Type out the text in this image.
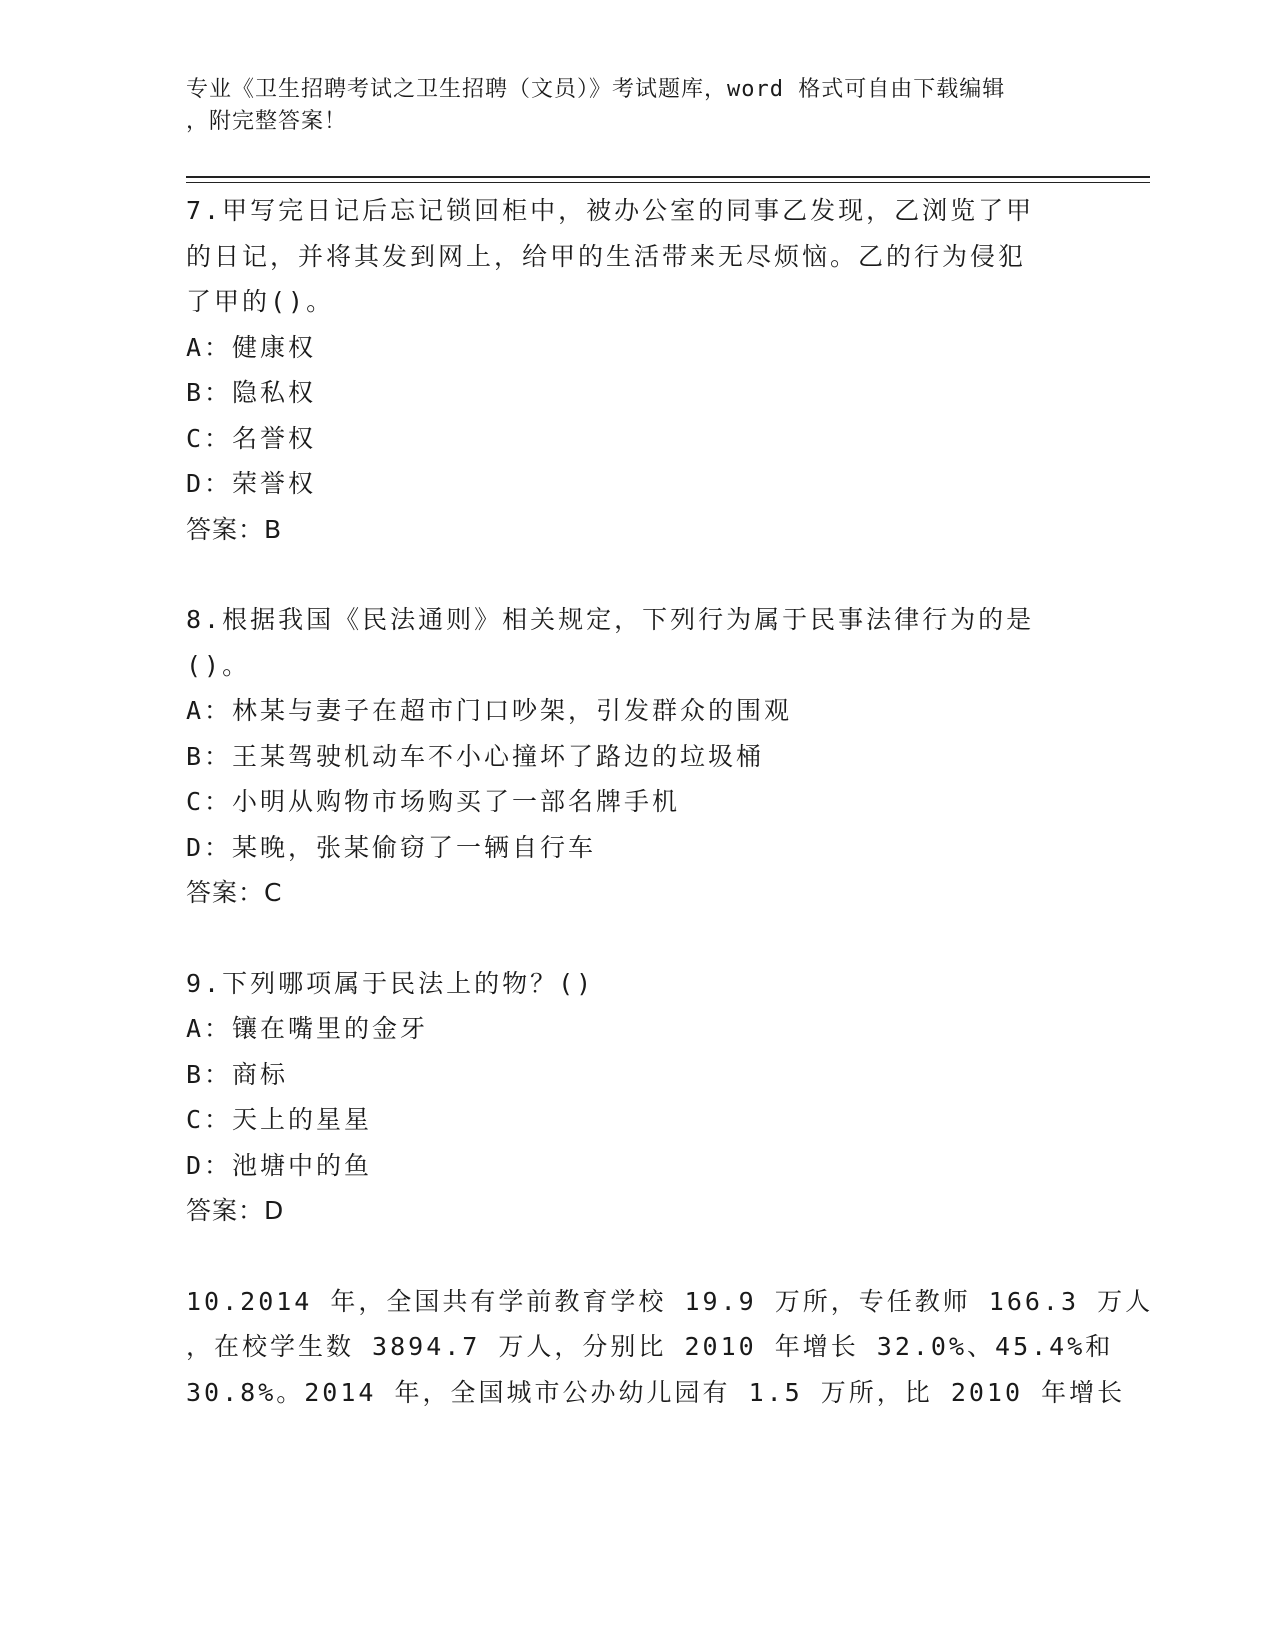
专业《卫生招聘考试之卫生招聘（文员）》考试题库，word 格式可自由下载编辑
，附完整答案！
7.甲写完日记后忘记锁回柜中，被办公室的同事乙发现，乙浏览了甲
的日记，并将其发到网上，给甲的生活带来无尽烦恼。乙的行为侵犯
了甲的()。
A：健康权
B：隐私权
C：名誉权
D：荣誉权
答案：B
8.根据我国《民法通则》相关规定，下列行为属于民事法律行为的是
()。
A：林某与妻子在超市门口吵架，引发群众的围观
B：王某驾驶机动车不小心撞坏了路边的垃圾桶
C：小明从购物市场购买了一部名牌手机
D：某晚，张某偷窃了一辆自行车
答案：C
9.下列哪项属于民法上的物？()
A：镶在嘴里的金牙
B：商标
C：天上的星星
D：池塘中的鱼
答案：D
10.2014 年，全国共有学前教育学校 19.9 万所，专任教师 166.3 万人
，在校学生数 3894.7 万人，分别比 2010 年增长 32.0%、45.4%和
30.8%。2014 年，全国城市公办幼儿园有 1.5 万所，比 2010 年增长
